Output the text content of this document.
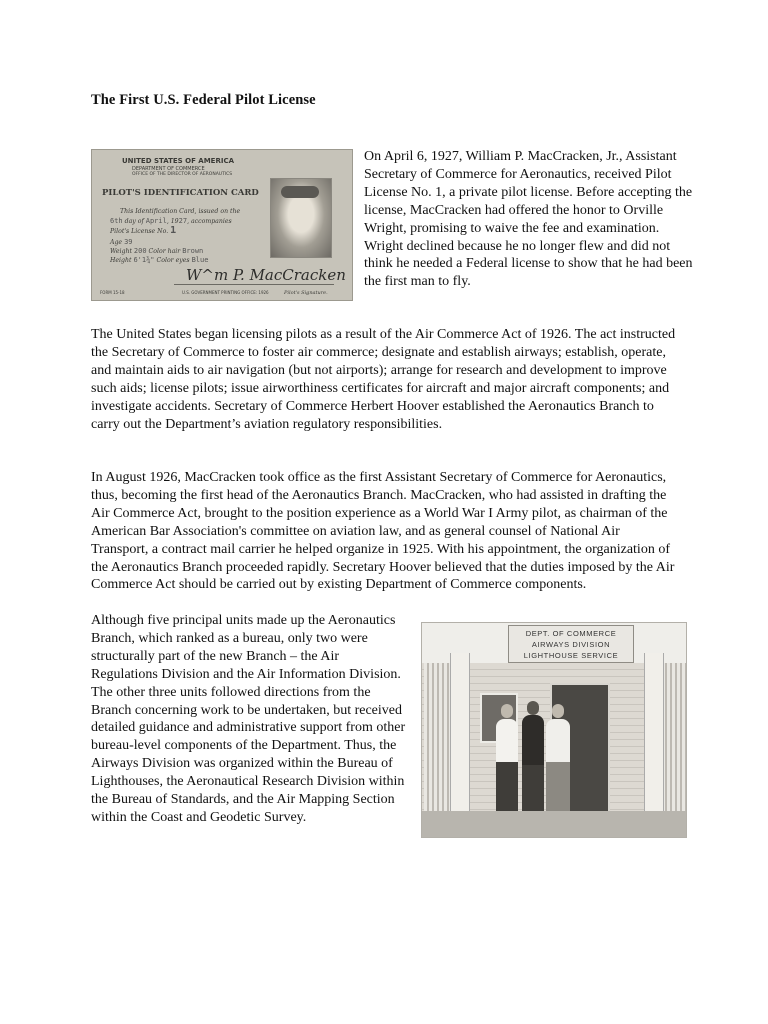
The First U.S. Federal Pilot License
UNITED STATES OF AMERICA
DEPARTMENT OF COMMERCE
OFFICE OF THE DIRECTOR OF AERONAUTICS
PILOT'S IDENTIFICATION CARD
This Identification Card, issued on the
6th day of April, 1927, accompanies
Pilot's License No. 1
Age 39
Weight 200 Color hair Brown
Height 6'1¾" Color eyes Blue
W^m P. MacCracken
FORM 15-18	U.S. GOVERNMENT PRINTING OFFICE: 1926	Pilot's Signature.

On April 6, 1927, William P. MacCracken, Jr., Assistant Secretary of Commerce for Aeronautics, received Pilot License No. 1, a private pilot license. Before accepting the license, MacCracken had offered the honor to Orville Wright, promising to waive the fee and examination. Wright declined because he no longer flew and did not think he needed a Federal license to show that he had been the first man to fly.

The United States began licensing pilots as a result of the Air Commerce Act of 1926. The act instructed the Secretary of Commerce to foster air commerce; designate and establish airways; establish, operate, and maintain aids to air navigation (but not airports); arrange for research and development to improve such aids; license pilots; issue airworthiness certificates for aircraft and major aircraft components; and investigate accidents. Secretary of Commerce Herbert Hoover established the Aeronautics Branch to carry out the Department’s aviation regulatory responsibilities.

In August 1926, MacCracken took office as the first Assistant Secretary of Commerce for Aeronautics, thus, becoming the first head of the Aeronautics Branch. MacCracken, who had assisted in drafting the Air Commerce Act, brought to the position experience as a World War I Army pilot, as chairman of the American Bar Association's committee on aviation law, and as general counsel of National Air Transport, a contract mail carrier he helped organize in 1925. With his appointment, the organization of the Aeronautics Branch proceeded rapidly. Secretary Hoover believed that the duties imposed by the Air Commerce Act should be carried out by existing Department of Commerce components.

Although five principal units made up the Aeronautics Branch, which ranked as a bureau, only two were structurally part of the new Branch – the Air Regulations Division and the Air Information Division. The other three units followed directions from the Branch concerning work to be undertaken, but received detailed guidance and administrative support from other bureau-level components of the Department. Thus, the Airways Division was organized within the Bureau of Lighthouses, the Aeronautical Research Division within the Bureau of Standards, and the Air Mapping Section within the Coast and Geodetic Survey.

DEPT. OF COMMERCE
AIRWAYS DIVISION
LIGHTHOUSE SERVICE
